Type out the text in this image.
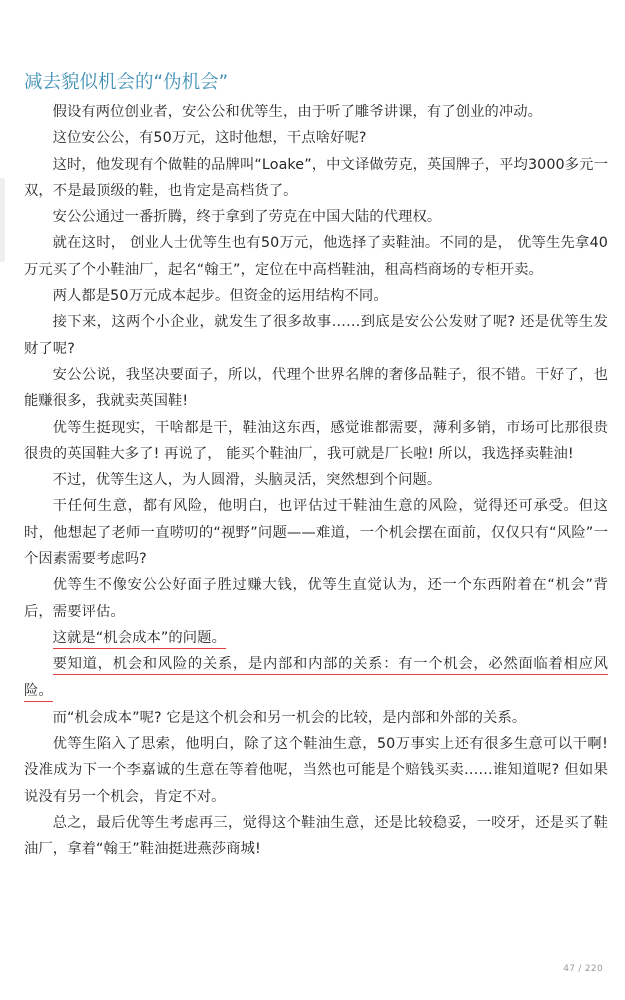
减去貌似机会的“伪机会”

假设有两位创业者，安公公和优等生，由于听了雕爷讲课，有了创业的冲动。

这位安公公，有50万元，这时他想，干点啥好呢?

这时，他发现有个做鞋的品牌叫“Loake”，中文译做劳克，英国牌子，平均3000多元一双，不是最顶级的鞋，也肯定是高档货了。

安公公通过一番折腾，终于拿到了劳克在中国大陆的代理权。

就在这时， 创业人士优等生也有50万元，他选择了卖鞋油。不同的是， 优等生先拿40万元买了个小鞋油厂，起名“翰王”，定位在中高档鞋油，租高档商场的专柜开卖。

两人都是50万元成本起步。但资金的运用结构不同。

接下来，这两个小企业，就发生了很多故事……到底是安公公发财了呢? 还是优等生发财了呢?

安公公说，我坚决要面子，所以，代理个世界名牌的奢侈品鞋子，很不错。干好了，也能赚很多，我就卖英国鞋!

优等生挺现实，干啥都是干，鞋油这东西，感觉谁都需要，薄利多销，市场可比那很贵很贵的英国鞋大多了! 再说了， 能买个鞋油厂，我可就是厂长啦! 所以，我选择卖鞋油!

不过，优等生这人，为人圆滑，头脑灵活，突然想到个问题。

干任何生意，都有风险，他明白，也评估过干鞋油生意的风险，觉得还可承受。但这时，他想起了老师一直唠叨的“视野”问题——难道，一个机会摆在面前，仅仅只有“风险”一个因素需要考虑吗?

优等生不像安公公好面子胜过赚大钱，优等生直觉认为，还一个东西附着在“机会”背后，需要评估。

这就是“机会成本”的问题。

要知道，机会和风险的关系，是内部和内部的关系：有一个机会，必然面临着相应风险。

而“机会成本”呢? 它是这个机会和另一机会的比较，是内部和外部的关系。

优等生陷入了思索，他明白，除了这个鞋油生意，50万事实上还有很多生意可以干啊! 没准成为下一个李嘉诚的生意在等着他呢，当然也可能是个赔钱买卖……谁知道呢? 但如果说没有另一个机会，肯定不对。

总之，最后优等生考虑再三，觉得这个鞋油生意，还是比较稳妥，一咬牙，还是买了鞋油厂，拿着“翰王”鞋油挺进燕莎商城!

47 / 220
